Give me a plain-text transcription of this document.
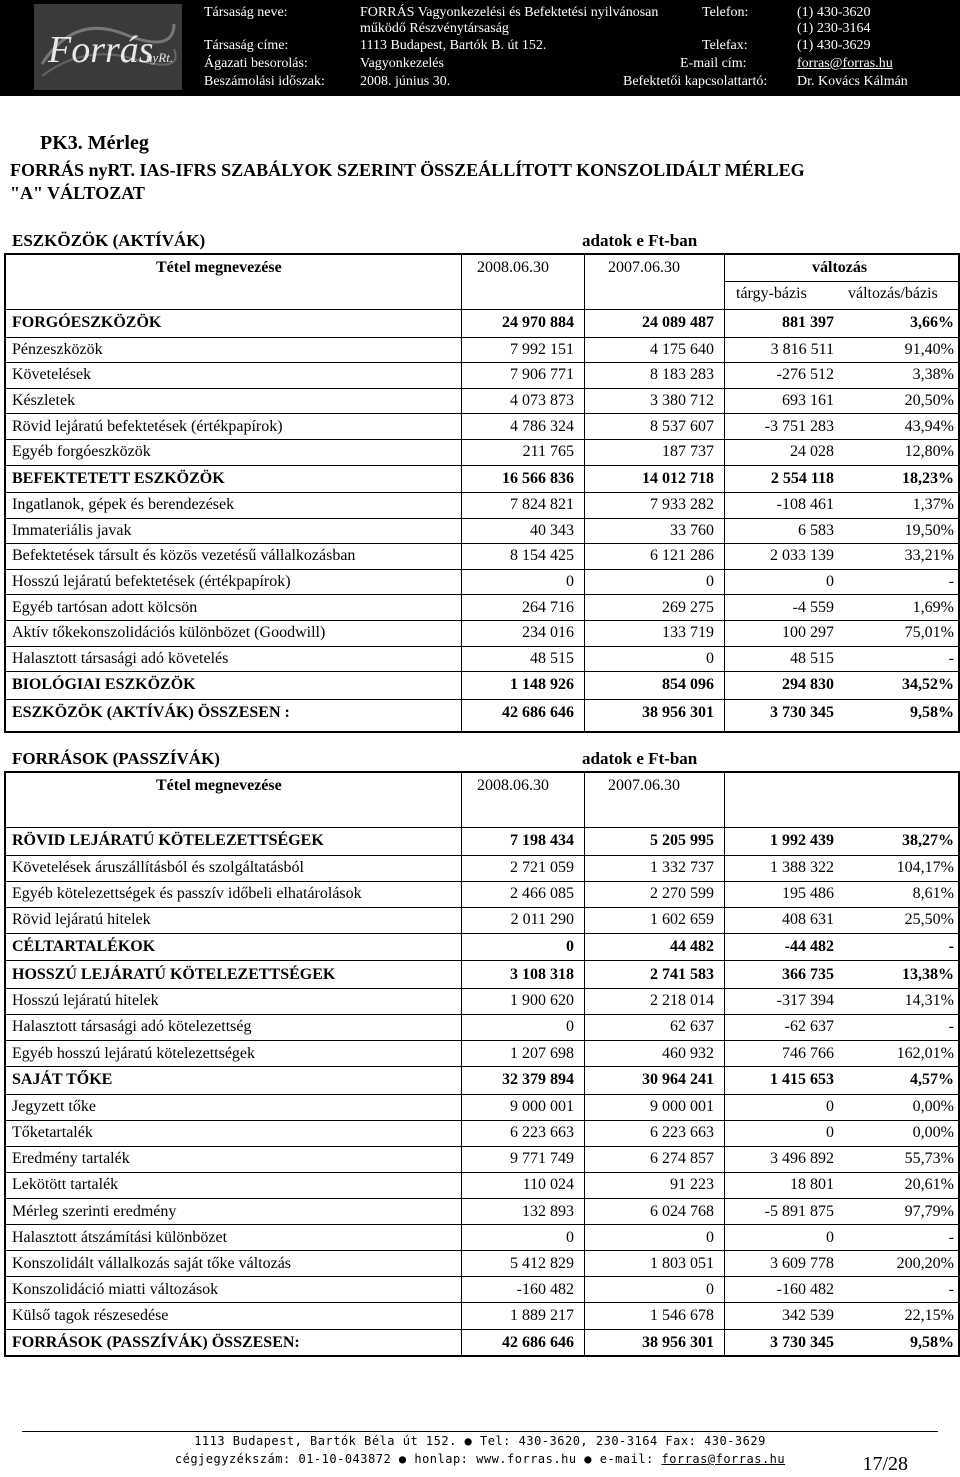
Forrás
nyRt.
Társaság neve:	FORRÁS Vagyonkezelési és Befektetési nyilvánosan
működő Részvénytársaság
Társaság címe:	1113 Budapest, Bartók B. út 152.
Ágazati besorolás:	Vagyonkezelés
Beszámolási időszak:	2008. június 30.
Telefon:	(1) 430-3620
(1) 230-3164
Telefax:	(1) 430-3629
E-mail cím:	forras@forras.hu
Befektetői kapcsolattartó: Dr. Kovács Kálmán
PK3. Mérleg
FORRÁS nyRT. IAS-IFRS SZABÁLYOK SZERINT ÖSSZEÁLLÍTOTT KONSZOLIDÁLT MÉRLEG
"A" VÁLTOZAT
ESZKÖZÖK (AKTÍVÁK)	adatok e Ft-ban
Tétel megnevezése	2008.06.30	2007.06.30	változás
tárgy-bázis	változás/bázis
FORGÓESZKÖZÖK	24 970 884	24 089 487	881 397	3,66%
Pénzeszközök	7 992 151	4 175 640	3 816 511	91,40%
Követelések	7 906 771	8 183 283	-276 512	3,38%
Készletek	4 073 873	3 380 712	693 161	20,50%
Rövid lejáratú befektetések (értékpapírok)	4 786 324	8 537 607	-3 751 283	43,94%
Egyéb forgóeszközök	211 765	187 737	24 028	12,80%
BEFEKTETETT ESZKÖZÖK	16 566 836	14 012 718	2 554 118	18,23%
Ingatlanok, gépek és berendezések	7 824 821	7 933 282	-108 461	1,37%
Immateriális javak	40 343	33 760	6 583	19,50%
Befektetések társult és közös vezetésű vállalkozásban	8 154 425	6 121 286	2 033 139	33,21%
Hosszú lejáratú befektetések (értékpapírok)	0	0	0	-
Egyéb tartósan adott kölcsön	264 716	269 275	-4 559	1,69%
Aktív tőkekonszolidációs különbözet (Goodwill)	234 016	133 719	100 297	75,01%
Halasztott társasági adó követelés	48 515	0	48 515	-
BIOLÓGIAI ESZKÖZÖK	1 148 926	854 096	294 830	34,52%
ESZKÖZÖK (AKTÍVÁK) ÖSSZESEN :	42 686 646	38 956 301	3 730 345	9,58%
FORRÁSOK (PASSZÍVÁK)	adatok e Ft-ban
Tétel megnevezése	2008.06.30	2007.06.30
RÖVID LEJÁRATÚ KÖTELEZETTSÉGEK	7 198 434	5 205 995	1 992 439	38,27%
Követelések áruszállításból és szolgáltatásból	2 721 059	1 332 737	1 388 322	104,17%
Egyéb kötelezettségek és passzív időbeli elhatárolások	2 466 085	2 270 599	195 486	8,61%
Rövid lejáratú hitelek	2 011 290	1 602 659	408 631	25,50%
CÉLTARTALÉKOK	0	44 482	-44 482	-
HOSSZÚ LEJÁRATÚ KÖTELEZETTSÉGEK	3 108 318	2 741 583	366 735	13,38%
Hosszú lejáratú hitelek	1 900 620	2 218 014	-317 394	14,31%
Halasztott társasági adó kötelezettség	0	62 637	-62 637	-
Egyéb hosszú lejáratú kötelezettségek	1 207 698	460 932	746 766	162,01%
SAJÁT TŐKE	32 379 894	30 964 241	1 415 653	4,57%
Jegyzett tőke	9 000 001	9 000 001	0	0,00%
Tőketartalék	6 223 663	6 223 663	0	0,00%
Eredmény tartalék	9 771 749	6 274 857	3 496 892	55,73%
Lekötött tartalék	110 024	91 223	18 801	20,61%
Mérleg szerinti eredmény	132 893	6 024 768	-5 891 875	97,79%
Halasztott átszámítási különbözet	0	0	0	-
Konszolidált vállalkozás saját tőke változás	5 412 829	1 803 051	3 609 778	200,20%
Konszolidáció miatti változások	-160 482	0	-160 482	-
Külső tagok részesedése	1 889 217	1 546 678	342 539	22,15%
FORRÁSOK (PASSZÍVÁK) ÖSSZESEN:	42 686 646	38 956 301	3 730 345	9,58%
1113 Budapest, Bartók Béla út 152. ● Tel: 430-3620, 230-3164 Fax: 430-3629
cégjegyzékszám: 01-10-043872 ● honlap: www.forras.hu ● e-mail: forras@forras.hu	17/28
